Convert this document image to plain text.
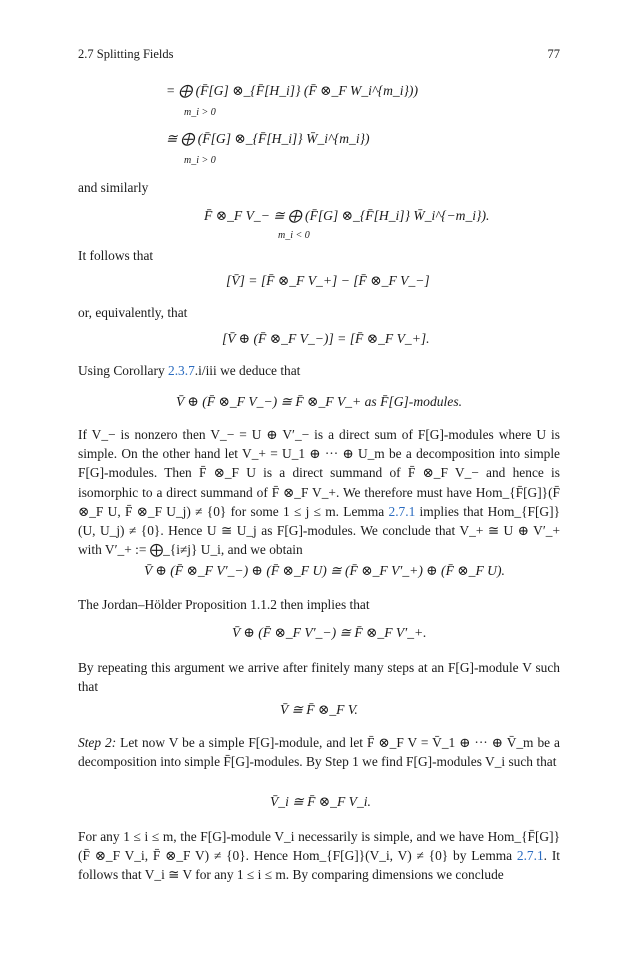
2.7 Splitting Fields	77
= ⨁ (F̄[G] ⊗_{F̄[H_i]} (F̄ ⊗_F W_i^{m_i}))
m_i > 0
≅ ⨁ (F̄[G] ⊗_{F̄[H_i]} W̄_i^{m_i})
m_i > 0
and similarly
F̄ ⊗_F V_− ≅ ⨁ (F̄[G] ⊗_{F̄[H_i]} W̄_i^{−m_i}).
m_i < 0
It follows that
[V̄] = [F̄ ⊗_F V_+] − [F̄ ⊗_F V_−]
or, equivalently, that
[V̄ ⊕ (F̄ ⊗_F V_−)] = [F̄ ⊗_F V_+].
Using Corollary 2.3.7.i/iii we deduce that
V̄ ⊕ (F̄ ⊗_F V_−) ≅ F̄ ⊗_F V_+ as F̄[G]-modules.
If V_− is nonzero then V_− = U ⊕ V′_− is a direct sum of F[G]-modules where U is simple. On the other hand let V_+ = U_1 ⊕ ··· ⊕ U_m be a decomposition into simple F[G]-modules. Then F̄ ⊗_F U is a direct summand of F̄ ⊗_F V_− and hence is isomorphic to a direct summand of F̄ ⊗_F V_+. We therefore must have Hom_{F̄[G]}(F̄ ⊗_F U, F̄ ⊗_F U_j) ≠ {0} for some 1 ≤ j ≤ m. Lemma 2.7.1 implies that Hom_{F[G]}(U, U_j) ≠ {0}. Hence U ≅ U_j as F[G]-modules. We conclude that V_+ ≅ U ⊕ V′_+ with V′_+ := ⨁_{i≠j} U_i, and we obtain
V̄ ⊕ (F̄ ⊗_F V′_−) ⊕ (F̄ ⊗_F U) ≅ (F̄ ⊗_F V′_+) ⊕ (F̄ ⊗_F U).
The Jordan–Hölder Proposition 1.1.2 then implies that
V̄ ⊕ (F̄ ⊗_F V′_−) ≅ F̄ ⊗_F V′_+.
By repeating this argument we arrive after finitely many steps at an F[G]-module V such that
V̄ ≅ F̄ ⊗_F V.
Step 2: Let now V be a simple F[G]-module, and let F̄ ⊗_F V = V̄_1 ⊕ ··· ⊕ V̄_m be a decomposition into simple F̄[G]-modules. By Step 1 we find F[G]-modules V_i such that
V̄_i ≅ F̄ ⊗_F V_i.
For any 1 ≤ i ≤ m, the F[G]-module V_i necessarily is simple, and we have Hom_{F̄[G]}(F̄ ⊗_F V_i, F̄ ⊗_F V) ≠ {0}. Hence Hom_{F[G]}(V_i, V) ≠ {0} by Lemma 2.7.1. It follows that V_i ≅ V for any 1 ≤ i ≤ m. By comparing dimensions we conclude
